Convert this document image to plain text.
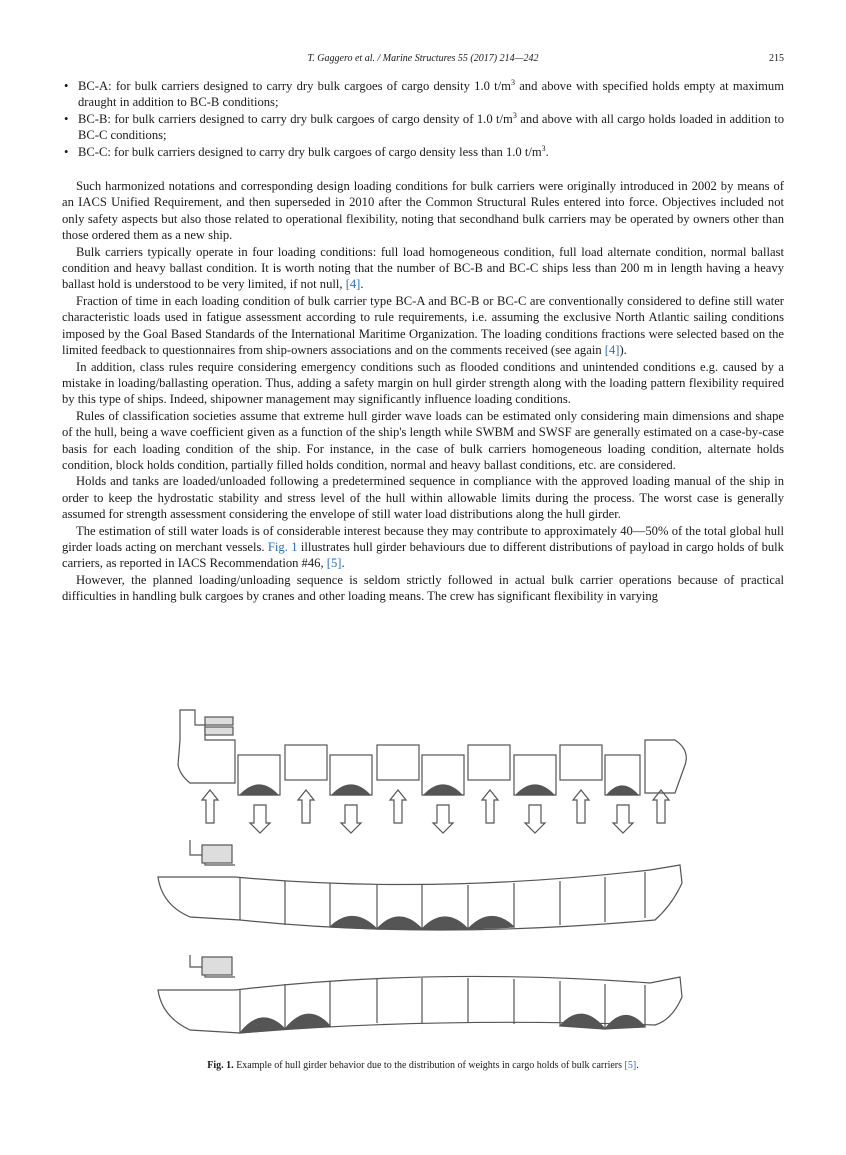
T. Gaggero et al. / Marine Structures 55 (2017) 214—242	215
• BC-A: for bulk carriers designed to carry dry bulk cargoes of cargo density 1.0 $t/m^3$ and above with specified holds empty at maximum draught in addition to BC-B conditions;
• BC-B: for bulk carriers designed to carry dry bulk cargoes of cargo density of 1.0 $t/m^3$ and above with all cargo holds loaded in addition to BC-C conditions;
• BC-C: for bulk carriers designed to carry dry bulk cargoes of cargo density less than 1.0 $t/m^3$.

Such harmonized notations and corresponding design loading conditions for bulk carriers were originally introduced in 2002 by means of an IACS Unified Requirement, and then superseded in 2010 after the Common Structural Rules entered into force. Objectives included not only safety aspects but also those related to operational flexibility, noting that secondhand bulk carriers may be operated by owners other than those ordered them as a new ship.

Bulk carriers typically operate in four loading conditions: full load homogeneous condition, full load alternate condition, normal ballast condition and heavy ballast condition. It is worth noting that the number of BC-B and BC-C ships less than 200 m in length having a heavy ballast hold is understood to be very limited, if not null, [4].

Fraction of time in each loading condition of bulk carrier type BC-A and BC-B or BC-C are conventionally considered to define still water characteristic loads used in fatigue assessment according to rule requirements, i.e. assuming the exclusive North Atlantic sailing conditions imposed by the Goal Based Standards of the International Maritime Organization. The loading conditions fractions were selected based on the limited feedback to questionnaires from ship-owners associations and on the comments received (see again [4]).

In addition, class rules require considering emergency conditions such as flooded conditions and unintended conditions e.g. caused by a mistake in loading/ballasting operation. Thus, adding a safety margin on hull girder strength along with the loading pattern flexibility required by this type of ships. Indeed, shipowner management may significantly influence loading conditions.

Rules of classification societies assume that extreme hull girder wave loads can be estimated only considering main dimensions and shape of the hull, being a wave coefficient given as a function of the ship's length while SWBM and SWSF are generally estimated on a case-by-case basis for each loading condition of the ship. For instance, in the case of bulk carriers homogeneous loading condition, alternate holds condition, block holds condition, partially filled holds condition, normal and heavy ballast conditions, etc. are considered.

Holds and tanks are loaded/unloaded following a predetermined sequence in compliance with the approved loading manual of the ship in order to keep the hydrostatic stability and stress level of the hull within allowable limits during the process. The worst case is generally assumed for strength assessment considering the envelope of still water load distributions along the hull girder.

The estimation of still water loads is of considerable interest because they may contribute to approximately 40—50% of the total global hull girder loads acting on merchant vessels. Fig. 1 illustrates hull girder behaviours due to different distributions of payload in cargo holds of bulk carriers, as reported in IACS Recommendation #46, [5].

However, the planned loading/unloading sequence is seldom strictly followed in actual bulk carrier operations because of practical difficulties in handling bulk cargoes by cranes and other loading means. The crew has significant flexibility in varying

Fig. 1. Example of hull girder behavior due to the distribution of weights in cargo holds of bulk carriers [5].
